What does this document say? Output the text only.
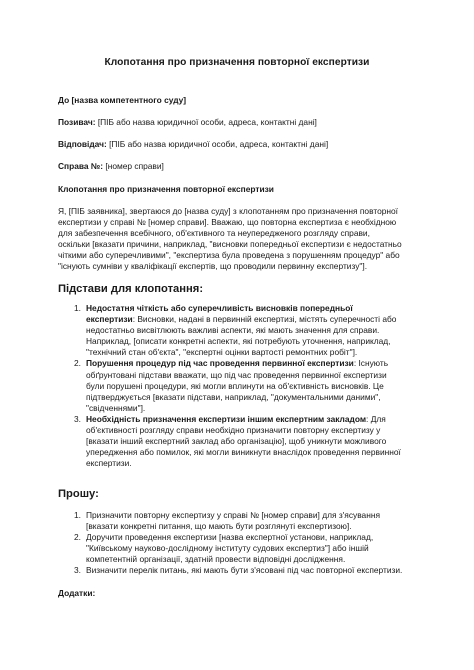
Клопотання про призначення повторної експертизи
До [назва компетентного суду]
Позивач: [ПІБ або назва юридичної особи, адреса, контактні дані]
Відповідач: [ПІБ або назва юридичної особи, адреса, контактні дані]
Справа №: [номер справи]
Клопотання про призначення повторної експертизи

Я, [ПІБ заявника], звертаюся до [назва суду] з клопотанням про призначення повторної

експертизи у справі № [номер справи]. Вважаю, що повторна експертиза є необхідною

для забезпечення всебічного, об'єктивного та неупередженого розгляду справи,

оскільки [вказати причини, наприклад, "висновки попередньої експертизи є недостатньо

чіткими або суперечливими", "експертиза була проведена з порушенням процедур" або

"існують сумніви у кваліфікації експертів, що проводили первинну експертизу"].

Підстави для клопотання:
1. Недостатня чіткість або суперечливість висновків попередньої

експертизи: Висновки, надані в первинній експертизі, містять суперечності або

недостатньо висвітлюють важливі аспекти, які мають значення для справи.

Наприклад, [описати конкретні аспекти, які потребують уточнення, наприклад,

"технічний стан об'єкта", "експертні оцінки вартості ремонтних робіт"].

2. Порушення процедур під час проведення первинної експертизи: Існують

обґрунтовані підстави вважати, що під час проведення первинної експертизи

були порушені процедури, які могли вплинути на об'єктивність висновків. Це

підтверджується [вказати підстави, наприклад, "документальними даними",

"свідченнями"].

3. Необхідність призначення експертизи іншим експертним закладом: Для

об'єктивності розгляду справи необхідно призначити повторну експертизу у

[вказати інший експертний заклад або організацію], щоб уникнути можливого

упередження або помилок, які могли виникнути внаслідок проведення первинної

експертизи.

Прошу:
1. Призначити повторну експертизу у справі № [номер справи] для з'ясування

[вказати конкретні питання, що мають бути розглянуті експертизою].

2. Доручити проведення експертизи [назва експертної установи, наприклад,

"Київському науково-дослідному інституту судових експертиз"] або іншій

компетентній організації, здатній провести відповідні дослідження.

3. Визначити перелік питань, які мають бути з'ясовані під час повторної експертизи.

Додатки:
